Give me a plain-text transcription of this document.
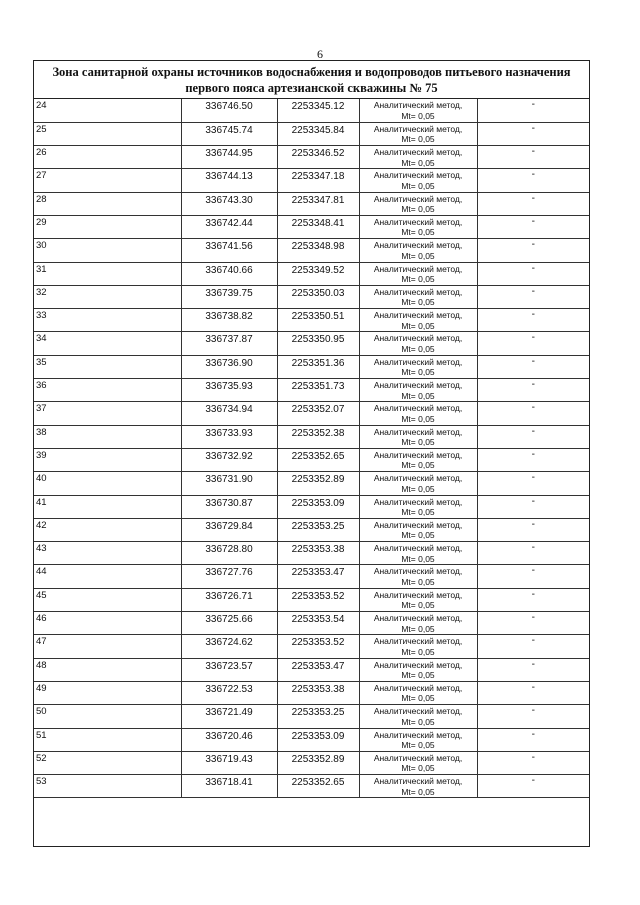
6
Зона санитарной охраны источников водоснабжения и водопроводов питьевого назначения
первого пояса артезианской скважины № 75
24	336746.50	2253345.12	Аналитический метод,
Mt= 0,05	-
25	336745.74	2253345.84	Аналитический метод,
Mt= 0,05	-
26	336744.95	2253346.52	Аналитический метод,
Mt= 0,05	-
27	336744.13	2253347.18	Аналитический метод,
Mt= 0,05	-
28	336743.30	2253347.81	Аналитический метод,
Mt= 0,05	-
29	336742.44	2253348.41	Аналитический метод,
Mt= 0,05	-
30	336741.56	2253348.98	Аналитический метод,
Mt= 0,05	-
31	336740.66	2253349.52	Аналитический метод,
Mt= 0,05	-
32	336739.75	2253350.03	Аналитический метод,
Mt= 0,05	-
33	336738.82	2253350.51	Аналитический метод,
Mt= 0,05	-
34	336737.87	2253350.95	Аналитический метод,
Mt= 0,05	-
35	336736.90	2253351.36	Аналитический метод,
Mt= 0,05	-
36	336735.93	2253351.73	Аналитический метод,
Mt= 0,05	-
37	336734.94	2253352.07	Аналитический метод,
Mt= 0,05	-
38	336733.93	2253352.38	Аналитический метод,
Mt= 0,05	-
39	336732.92	2253352.65	Аналитический метод,
Mt= 0,05	-
40	336731.90	2253352.89	Аналитический метод,
Mt= 0,05	-
41	336730.87	2253353.09	Аналитический метод,
Mt= 0,05	-
42	336729.84	2253353.25	Аналитический метод,
Mt= 0,05	-
43	336728.80	2253353.38	Аналитический метод,
Mt= 0,05	-
44	336727.76	2253353.47	Аналитический метод,
Mt= 0,05	-
45	336726.71	2253353.52	Аналитический метод,
Mt= 0,05	-
46	336725.66	2253353.54	Аналитический метод,
Mt= 0,05	-
47	336724.62	2253353.52	Аналитический метод,
Mt= 0,05	-
48	336723.57	2253353.47	Аналитический метод,
Mt= 0,05	-
49	336722.53	2253353.38	Аналитический метод,
Mt= 0,05	-
50	336721.49	2253353.25	Аналитический метод,
Mt= 0,05	-
51	336720.46	2253353.09	Аналитический метод,
Mt= 0,05	-
52	336719.43	2253352.89	Аналитический метод,
Mt= 0,05	-
53	336718.41	2253352.65	Аналитический метод,
Mt= 0,05	-
